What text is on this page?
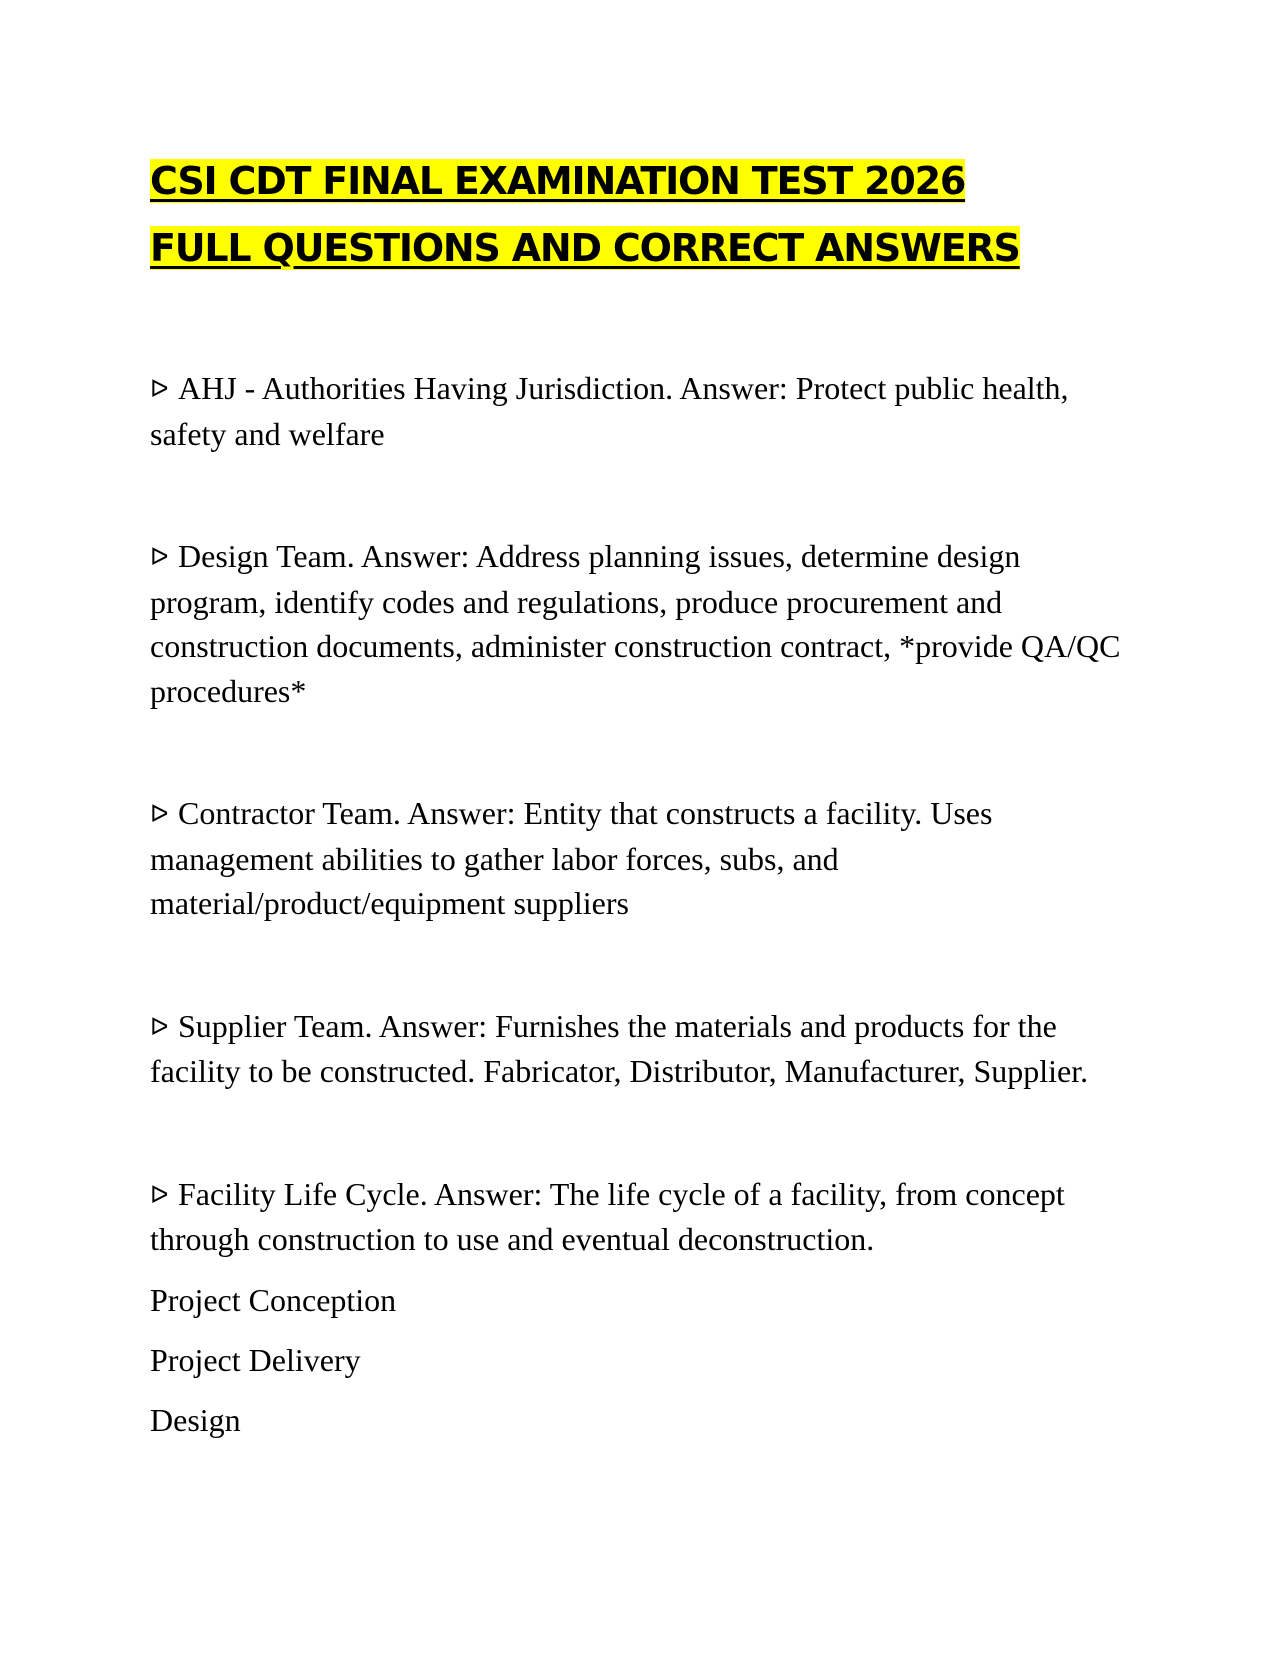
CSI CDT FINAL EXAMINATION TEST 2026
FULL QUESTIONS AND CORRECT ANSWERS

ᐅ AHJ - Authorities Having Jurisdiction. Answer: Protect public health, safety and welfare

ᐅ Design Team. Answer: Address planning issues, determine design program, identify codes and regulations, produce procurement and construction documents, administer construction contract, *provide QA/QC procedures*

ᐅ Contractor Team. Answer: Entity that constructs a facility. Uses management abilities to gather labor forces, subs, and material/product/equipment suppliers

ᐅ Supplier Team. Answer: Furnishes the materials and products for the facility to be constructed. Fabricator, Distributor, Manufacturer, Supplier.

ᐅ Facility Life Cycle. Answer: The life cycle of a facility, from concept through construction to use and eventual deconstruction.

Project Conception

Project Delivery

Design
